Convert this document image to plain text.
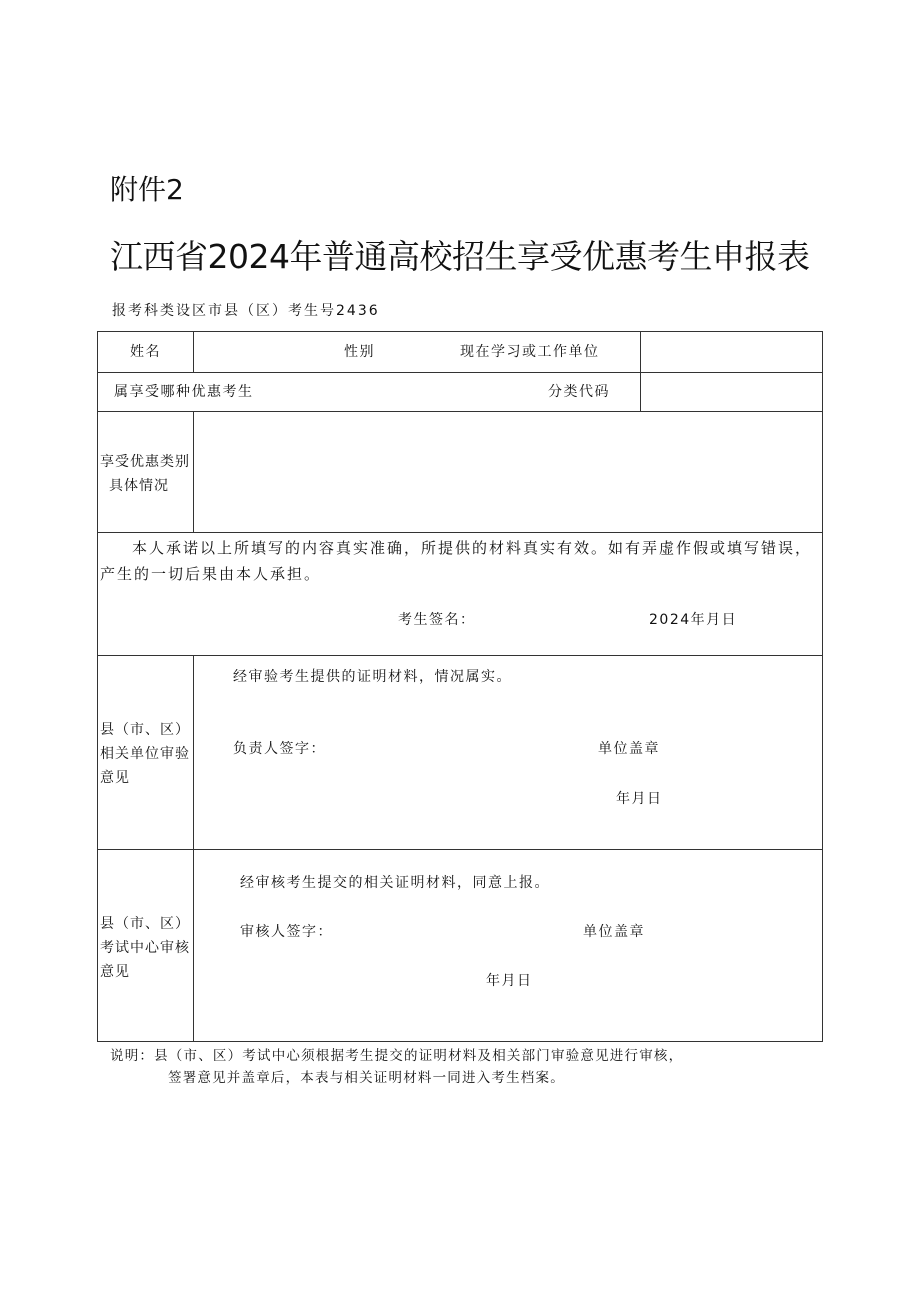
附件2
江西省2024年普通高校招生享受优惠考生申报表
报考科类设区市县（区）考生号2436
姓名	性别	现在学习或工作单位
属享受哪种优惠考生	分类代码
享受优惠类别
具体情况
本人承诺以上所填写的内容真实准确，所提供的材料真实有效。如有弄虚作假或填写错误，
产生的一切后果由本人承担。
考生签名：	2024年月日
县（市、区）
相关单位审验
意见
经审验考生提供的证明材料，情况属实。
负责人签字：	单位盖章
年月日
县（市、区）
考试中心审核
意见
经审核考生提交的相关证明材料，同意上报。
审核人签字：	单位盖章
年月日
说明：县（市、区）考试中心须根据考生提交的证明材料及相关部门审验意见进行审核，
签署意见并盖章后，本表与相关证明材料一同进入考生档案。
